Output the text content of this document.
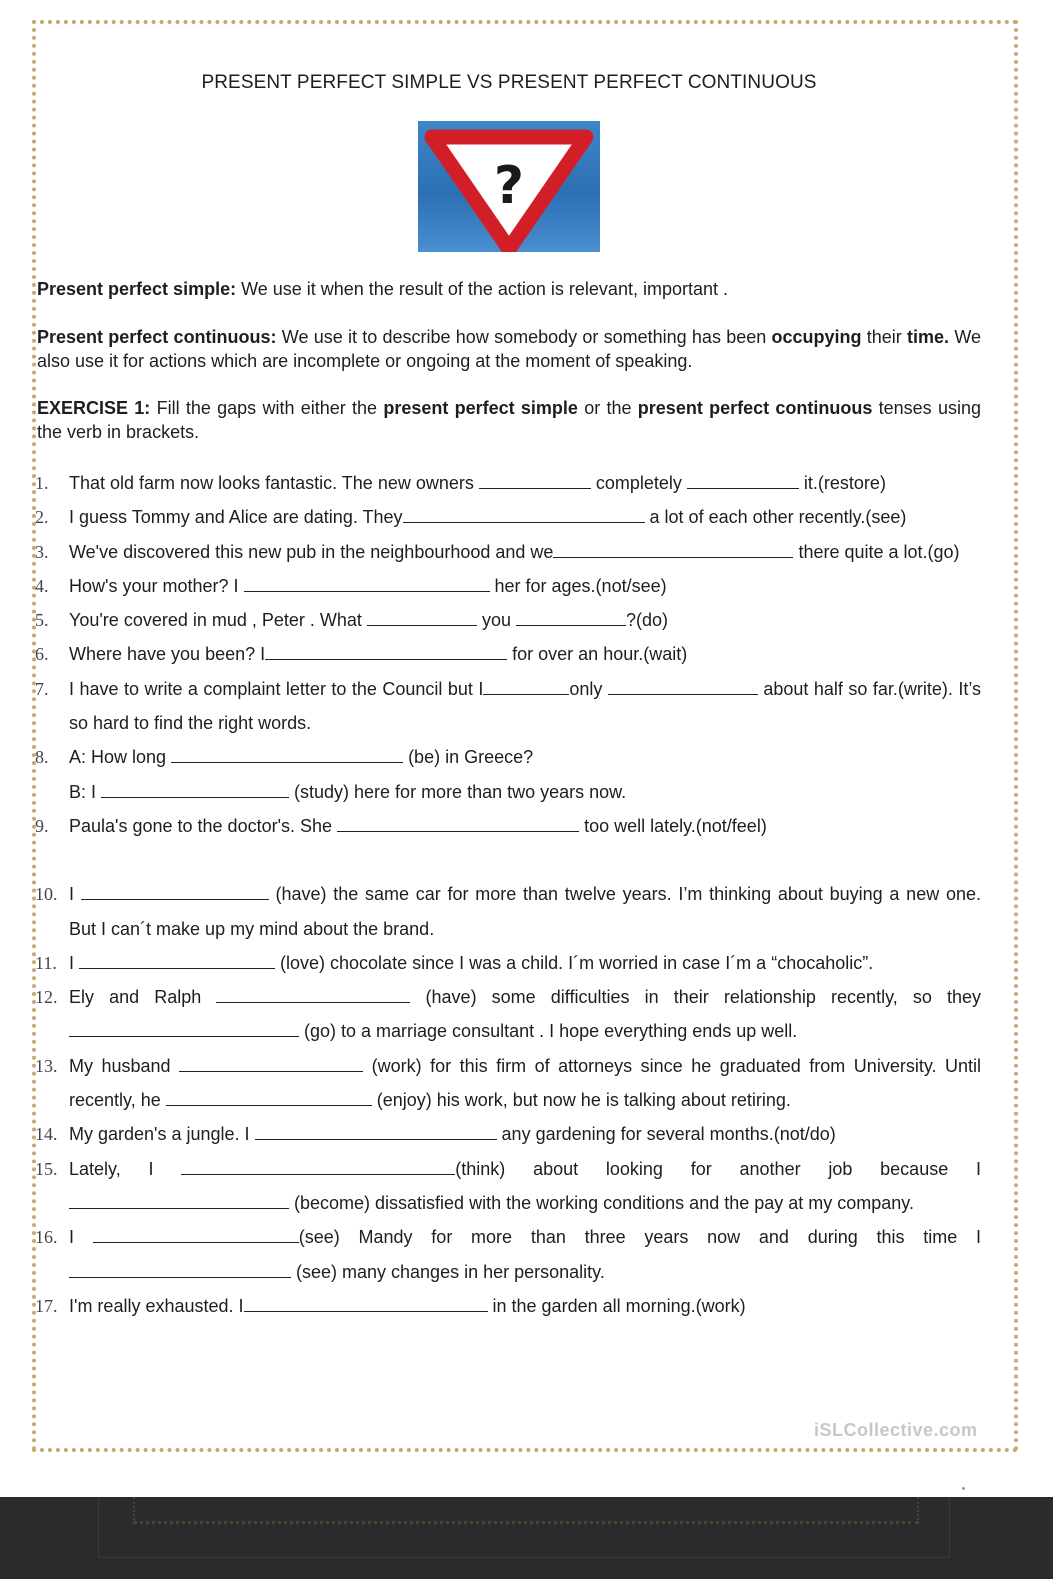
PRESENT PERFECT SIMPLE VS PRESENT PERFECT CONTINUOUS
?
Present perfect simple: We use it when the result of the action is relevant, important .
Present perfect continuous: We use it to describe how somebody or something has been occupying their time. We also use it for actions which are incomplete or ongoing at the moment of speaking.
EXERCISE 1: Fill the gaps with either the present perfect simple or the present perfect continuous tenses using the verb in brackets.
1. That old farm now looks fantastic. The new owners	completely	it.(restore)
2. I guess Tommy and Alice are dating. They	a lot of each other recently.(see)
3. We've discovered this new pub in the neighbourhood and we	there quite a lot.(go)
4. How's your mother? I	her for ages.(not/see)
5. You're covered in mud , Peter . What	you	?(do)
6. Where have you been? I	for over an hour.(wait)
7. I have to write a complaint letter to the Council but I	only	about half so far.(write). It’s so hard to find the right words.
8. A: How long	(be) in Greece?
B: I	(study) here for more than two years now.
9. Paula's gone to the doctor's. She	too well lately.(not/feel)
10. I	(have) the same car for more than twelve years. I’m thinking about buying a new one. But I can´t make up my mind about the brand.
11. I	(love) chocolate since I was a child. I´m worried in case I´m a “chocaholic”.
12. Ely and Ralph	(have) some difficulties in their relationship recently, so they  (go) to a marriage consultant . I hope everything ends up well.
13. My husband	(work) for this firm of attorneys since he graduated from University. Until recently, he	(enjoy) his work, but now he is talking about retiring.
14. My garden's a jungle. I	any gardening for several months.(not/do)
15. Lately, I	(think) about looking for another job because I  (become) dissatisfied with the working conditions and the pay at my company.
16. I	(see) Mandy for more than three years now and during this time I  (see) many changes in her personality.
17. I'm really exhausted. I	in the garden all morning.(work)
iSLCollective.com
